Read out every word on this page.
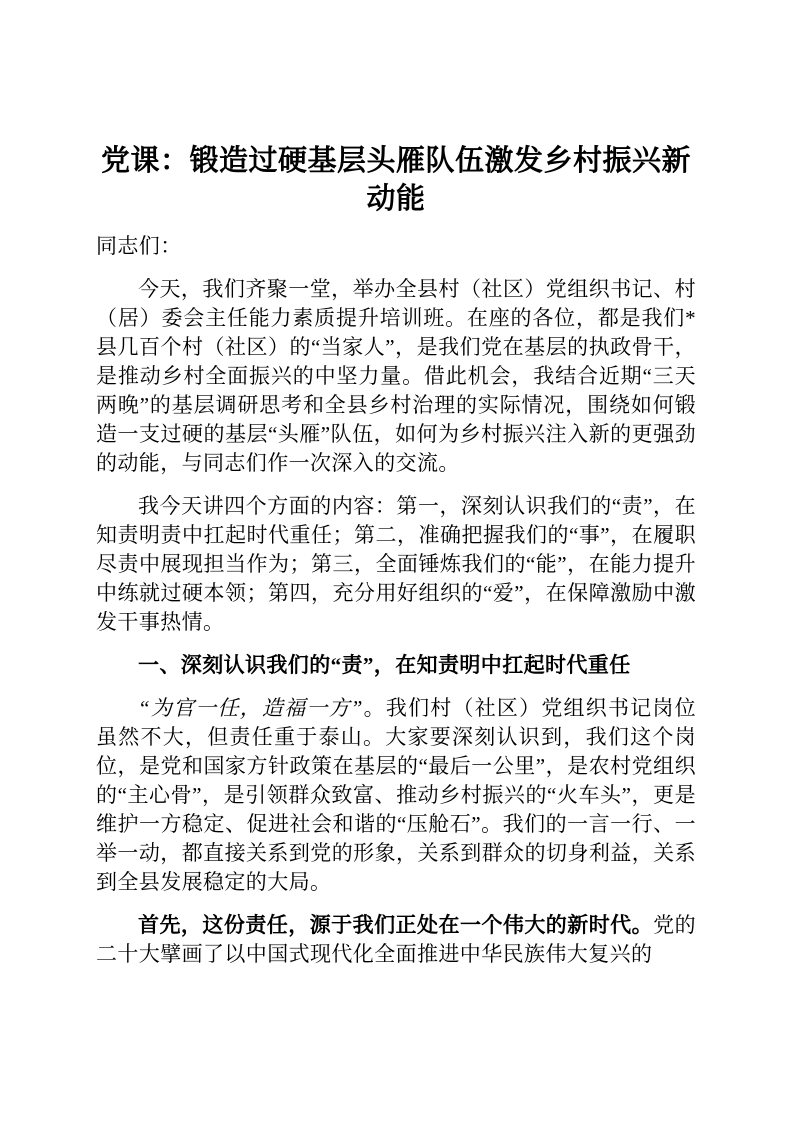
党课：锻造过硬基层头雁队伍激发乡村振兴新动能

同志们：

今天，我们齐聚一堂，举办全县村（社区）党组织书记、村（居）委会主任能力素质提升培训班。在座的各位，都是我们*县几百个村（社区）的“当家人”，是我们党在基层的执政骨干，是推动乡村全面振兴的中坚力量。借此机会，我结合近期“三天两晚”的基层调研思考和全县乡村治理的实际情况，围绕如何锻造一支过硬的基层“头雁”队伍，如何为乡村振兴注入新的更强劲的动能，与同志们作一次深入的交流。

我今天讲四个方面的内容：第一，深刻认识我们的“责”，在知责明责中扛起时代重任；第二，准确把握我们的“事”，在履职尽责中展现担当作为；第三，全面锤炼我们的“能”，在能力提升中练就过硬本领；第四，充分用好组织的“爱”，在保障激励中激发干事热情。

一、深刻认识我们的“责”，在知责明中扛起时代重任

“为官一任，造福一方”。我们村（社区）党组织书记岗位虽然不大，但责任重于泰山。大家要深刻认识到，我们这个岗位，是党和国家方针政策在基层的“最后一公里”，是农村党组织的“主心骨”，是引领群众致富、推动乡村振兴的“火车头”，更是维护一方稳定、促进社会和谐的“压舱石”。我们的一言一行、一举一动，都直接关系到党的形象，关系到群众的切身利益，关系到全县发展稳定的大局。

首先，这份责任，源于我们正处在一个伟大的新时代。党的二十大擘画了以中国式现代化全面推进中华民族伟大复兴的
